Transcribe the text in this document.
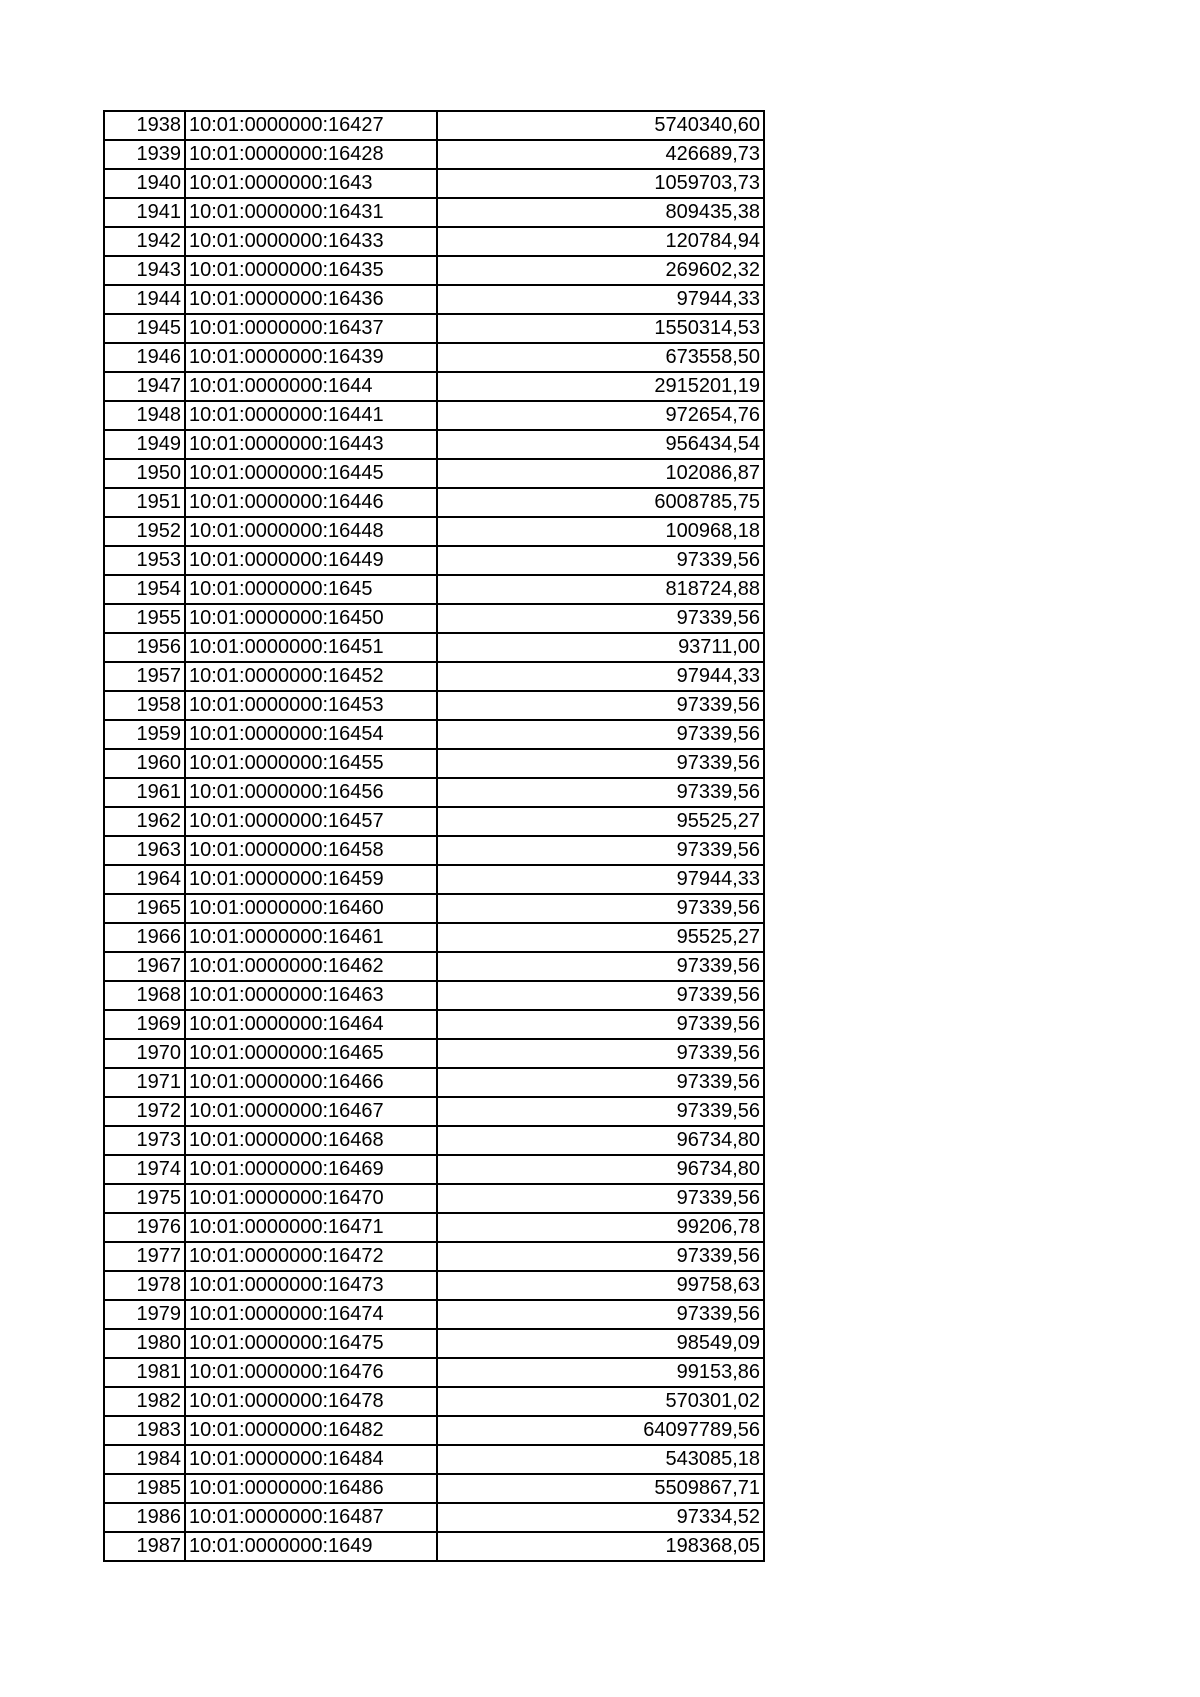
1938	10:01:0000000:16427	5740340,60
1939	10:01:0000000:16428	426689,73
1940	10:01:0000000:1643	1059703,73
1941	10:01:0000000:16431	809435,38
1942	10:01:0000000:16433	120784,94
1943	10:01:0000000:16435	269602,32
1944	10:01:0000000:16436	97944,33
1945	10:01:0000000:16437	1550314,53
1946	10:01:0000000:16439	673558,50
1947	10:01:0000000:1644	2915201,19
1948	10:01:0000000:16441	972654,76
1949	10:01:0000000:16443	956434,54
1950	10:01:0000000:16445	102086,87
1951	10:01:0000000:16446	6008785,75
1952	10:01:0000000:16448	100968,18
1953	10:01:0000000:16449	97339,56
1954	10:01:0000000:1645	818724,88
1955	10:01:0000000:16450	97339,56
1956	10:01:0000000:16451	93711,00
1957	10:01:0000000:16452	97944,33
1958	10:01:0000000:16453	97339,56
1959	10:01:0000000:16454	97339,56
1960	10:01:0000000:16455	97339,56
1961	10:01:0000000:16456	97339,56
1962	10:01:0000000:16457	95525,27
1963	10:01:0000000:16458	97339,56
1964	10:01:0000000:16459	97944,33
1965	10:01:0000000:16460	97339,56
1966	10:01:0000000:16461	95525,27
1967	10:01:0000000:16462	97339,56
1968	10:01:0000000:16463	97339,56
1969	10:01:0000000:16464	97339,56
1970	10:01:0000000:16465	97339,56
1971	10:01:0000000:16466	97339,56
1972	10:01:0000000:16467	97339,56
1973	10:01:0000000:16468	96734,80
1974	10:01:0000000:16469	96734,80
1975	10:01:0000000:16470	97339,56
1976	10:01:0000000:16471	99206,78
1977	10:01:0000000:16472	97339,56
1978	10:01:0000000:16473	99758,63
1979	10:01:0000000:16474	97339,56
1980	10:01:0000000:16475	98549,09
1981	10:01:0000000:16476	99153,86
1982	10:01:0000000:16478	570301,02
1983	10:01:0000000:16482	64097789,56
1984	10:01:0000000:16484	543085,18
1985	10:01:0000000:16486	5509867,71
1986	10:01:0000000:16487	97334,52
1987	10:01:0000000:1649	198368,05
